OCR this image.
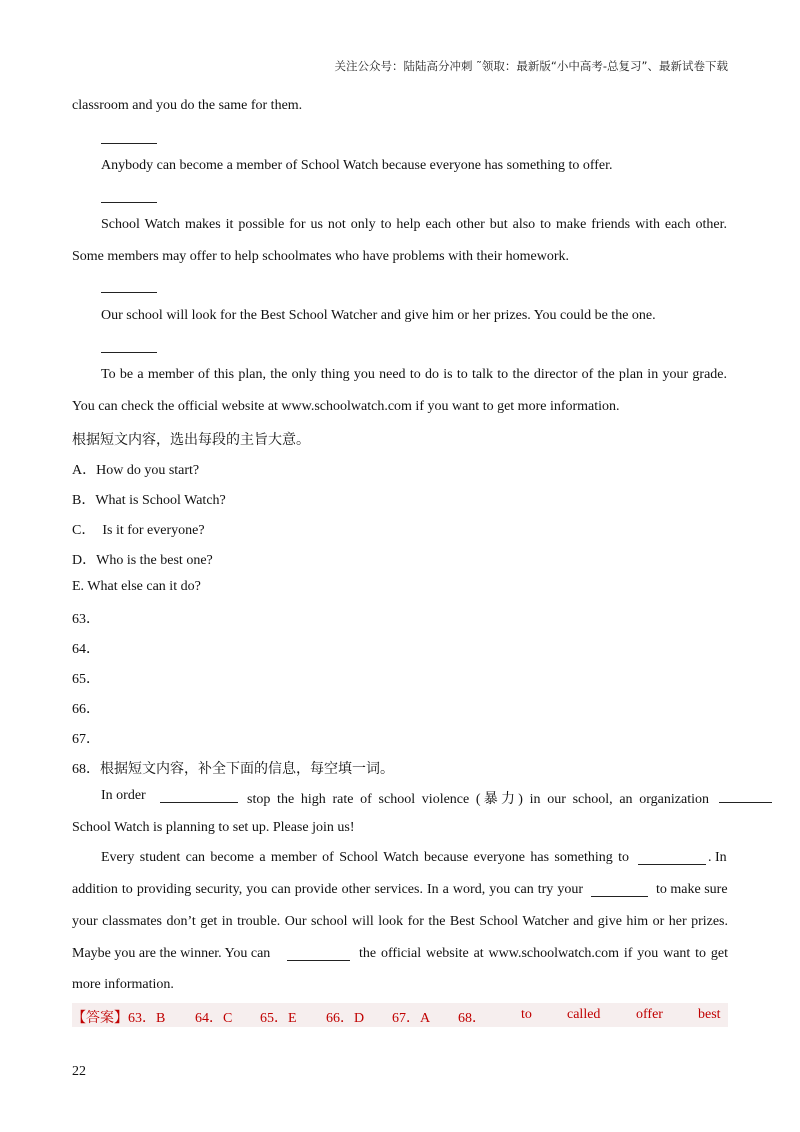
关注公众号：陆陆高分冲刺 ˜领取：最新版“小中高考-总复习”、最新试卷下载
classroom and you do the same for them.
Anybody can become a member of School Watch because everyone has something to offer.
School Watch makes it possible for us not only to help each other but also to make friends with each other.
Some members may offer to help schoolmates who have problems with their homework.
Our school will look for the Best School Watcher and give him or her prizes. You could be the one.
To be a member of this plan, the only thing you need to do is to talk to the director of the plan in your grade.
You can check the official website at www.schoolwatch.com if you want to get more information.
根据短文内容，选出每段的主旨大意。
A．How do you start?
B．What is School Watch?
C．  Is it for everyone?
D．Who is the best one?
E. What else can it do?
63．
64．
65．
66．
67．
68．根据短文内容，补全下面的信息，每空填一词。
In order	stop the high rate of school violence (暴力) in our school, an organization
School Watch is planning to set up. Please join us!
Every student can become a member of School Watch because everyone has something to	. In
addition to providing security, you can provide other services. In a word, you can try your	to make sure
your classmates don’t get in trouble. Our school will look for the Best School Watcher and give him or her prizes.
Maybe you are the winner. You can	the official website at www.schoolwatch.com if you want to get
more information.
【答案】63．B 64．C 65．E 66．D 67．A 68．	to	called	offer	best
22
